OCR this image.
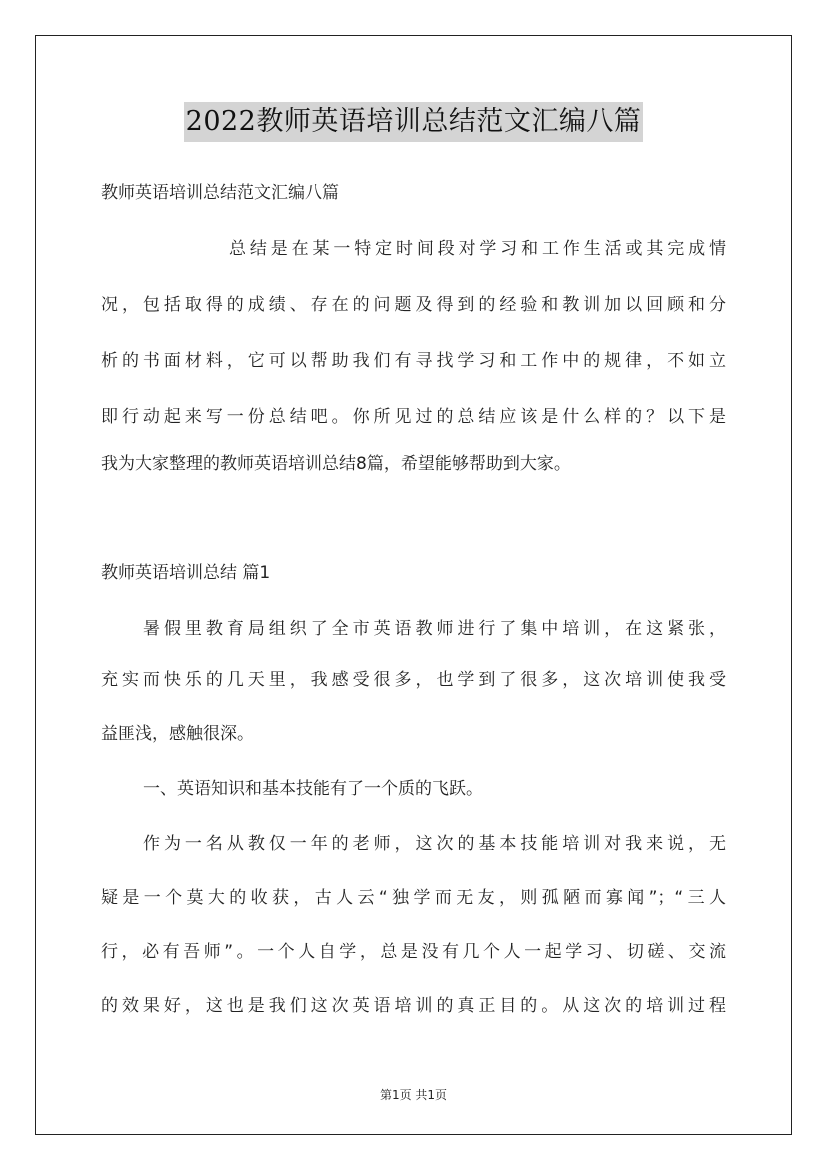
2022教师英语培训总结范文汇编八篇
教师英语培训总结范文汇编八篇
总结是在某一特定时间段对学习和工作生活或其完成情
况，包括取得的成绩、存在的问题及得到的经验和教训加以回顾和分
析的书面材料，它可以帮助我们有寻找学习和工作中的规律，不如立
即行动起来写一份总结吧。你所见过的总结应该是什么样的？以下是
我为大家整理的教师英语培训总结8篇，希望能够帮助到大家。
教师英语培训总结 篇1
暑假里教育局组织了全市英语教师进行了集中培训，在这紧张，
充实而快乐的几天里，我感受很多，也学到了很多，这次培训使我受
益匪浅，感触很深。
一、英语知识和基本技能有了一个质的飞跃。
作为一名从教仅一年的老师，这次的基本技能培训对我来说，无
疑是一个莫大的收获，古人云“独学而无友，则孤陋而寡闻”；“三人
行，必有吾师”。一个人自学，总是没有几个人一起学习、切磋、交流
的效果好，这也是我们这次英语培训的真正目的。从这次的培训过程
第1页 共1页
